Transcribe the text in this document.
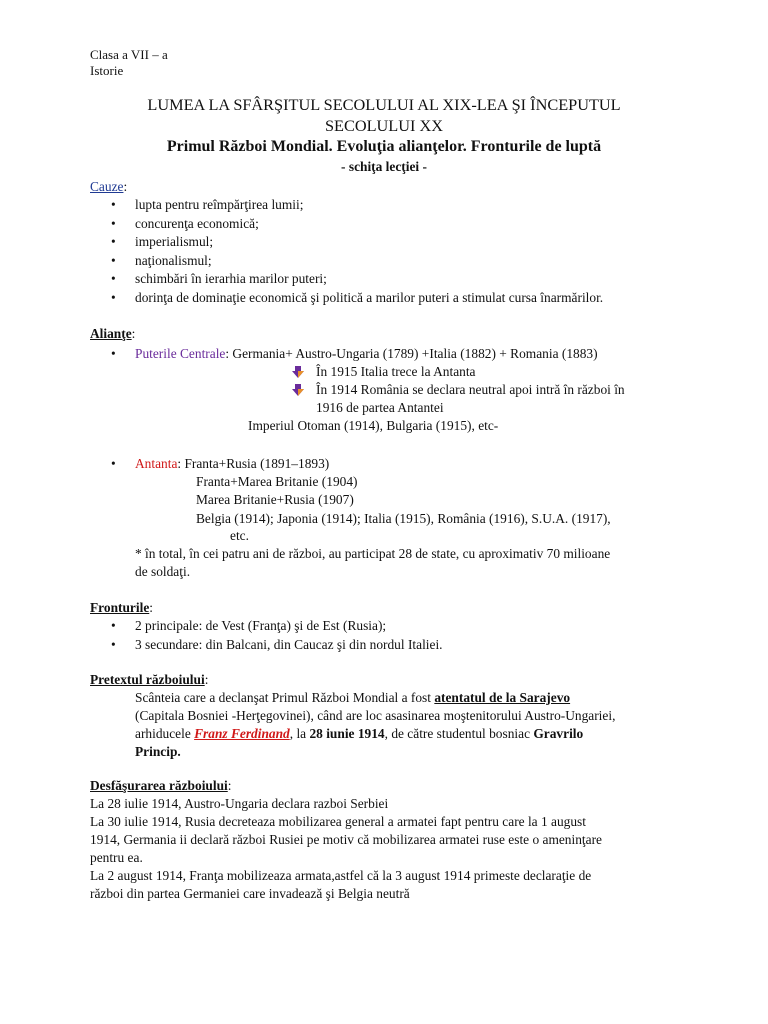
Clasa a VII – a
Istorie
LUMEA LA SFÂRŞITUL SECOLULUI AL XIX-LEA ŞI ÎNCEPUTUL
SECOLULUI XX
Primul Război Mondial. Evoluţia alianţelor. Fronturile de luptă
- schiţa lecţiei -
Cauze:
• lupta pentru reîmpărţirea lumii;
• concurenţa economică;
• imperialismul;
• naţionalismul;
• schimbări în ierarhia marilor puteri;
• dorinţa de dominaţie economică şi politică a marilor puteri a stimulat cursa înarmărilor.
Alianţe:
• Puterile Centrale: Germania+ Austro-Ungaria (1789) +Italia (1882) + Romania (1883)
În 1915 Italia trece la Antanta
În 1914 România se declara neutral apoi intră în război în
1916 de partea Antantei
Imperiul Otoman (1914), Bulgaria (1915), etc-
• Antanta: Franta+Rusia (1891–1893)
Franta+Marea Britanie (1904)
Marea Britanie+Rusia (1907)
Belgia (1914); Japonia (1914); Italia (1915), România (1916), S.U.A. (1917),
etc.
* în total, în cei patru ani de război, au participat 28 de state, cu aproximativ 70 milioane
de soldaţi.
Fronturile:
• 2 principale: de Vest (Franţa) şi de Est (Rusia);
• 3 secundare: din Balcani, din Caucaz şi din nordul Italiei.
Pretextul războiului:
Scânteia care a declanşat Primul Război Mondial a fost atentatul de la Sarajevo
(Capitala Bosniei -Herţegovinei), când are loc asasinarea moştenitorului Austro-Ungariei,
arhiducele Franz Ferdinand, la 28 iunie 1914, de către studentul bosniac Gravrilo
Princip.
Desfăşurarea războiului:
La 28 iulie 1914, Austro-Ungaria declara razboi Serbiei
La 30 iulie 1914, Rusia decreteaza mobilizarea general a armatei fapt pentru care la 1 august
1914, Germania ii declară război Rusiei pe motiv că mobilizarea armatei ruse este o ameninţare
pentru ea.
La 2 august 1914, Franţa mobilizeaza armata,astfel că la 3 august 1914 primeste declaraţie de
război din partea Germaniei care invadează şi Belgia neutră
